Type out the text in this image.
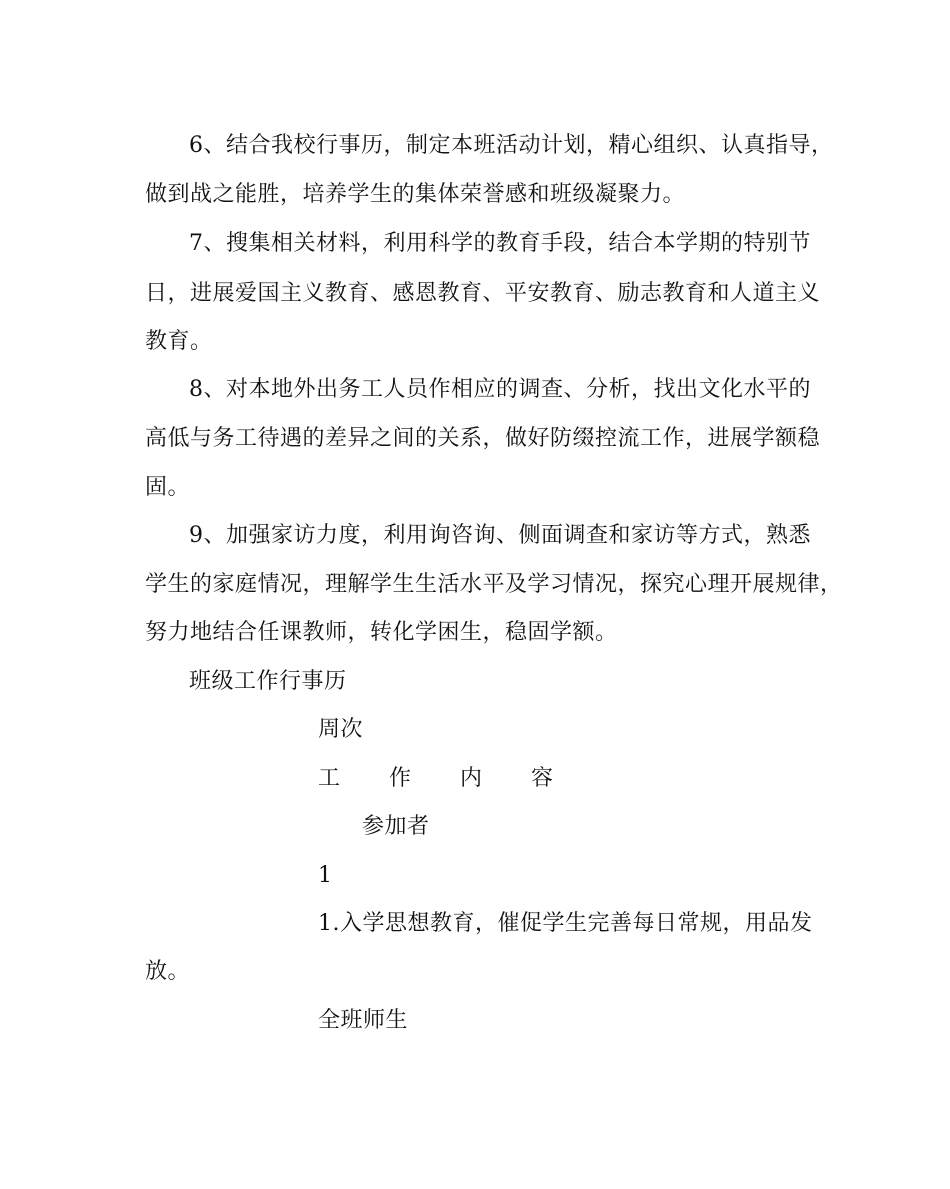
6、结合我校行事历，制定本班活动计划，精心组织、认真指导，
做到战之能胜，培养学生的集体荣誉感和班级凝聚力。
7、搜集相关材料，利用科学的教育手段，结合本学期的特别节
日，进展爱国主义教育、感恩教育、平安教育、励志教育和人道主义
教育。
8、对本地外出务工人员作相应的调查、分析，找出文化水平的
高低与务工待遇的差异之间的关系，做好防缀控流工作，进展学额稳
固。
9、加强家访力度，利用询咨询、侧面调查和家访等方式，熟悉
学生的家庭情况，理解学生生活水平及学习情况，探究心理开展规律，
努力地结合任课教师，转化学困生，稳固学额。
班级工作行事历
周次
工 作 内 容
参加者
1
1.入学思想教育，催促学生完善每日常规，用品发
放。
全班师生
